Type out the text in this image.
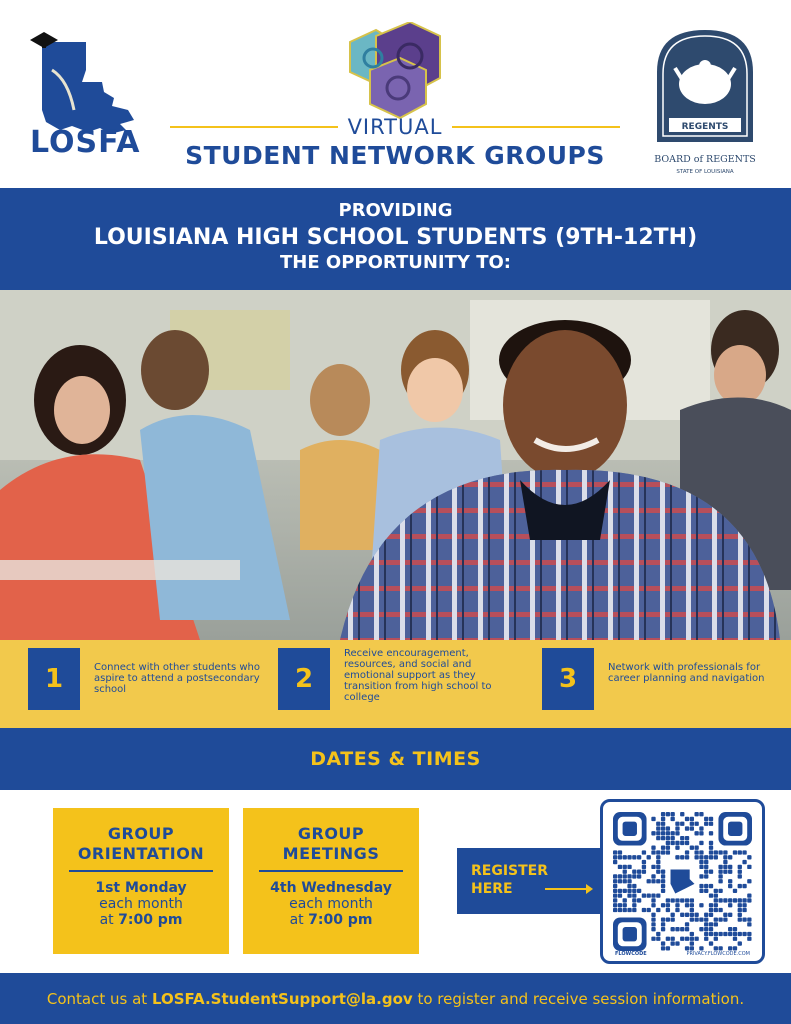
LOSFA	VIRTUAL
STUDENT NETWORK GROUPS
REGENTS
BOARD of REGENTS
STATE OF LOUISIANA
PROVIDING
LOUISIANA HIGH SCHOOL STUDENTS (9TH-12TH)
THE OPPORTUNITY TO:
1	Connect with other students who aspire to attend a postsecondary school	2
Receive encouragement, resources, and social and emotional support as they transition from high school to college
3	Network with professionals for career planning and navigation
DATES & TIMES
GROUP
ORIENTATION
1st Monday
each month
at 7:00 pm
GROUP
MEETINGS
4th Wednesday
each month
at 7:00 pm
REGISTER
HERE
FLOWCODE	PRIVACY.FLOWCODE.COM
Contact us at
LOSFA.StudentSupport@la.gov
to register and receive session information.
